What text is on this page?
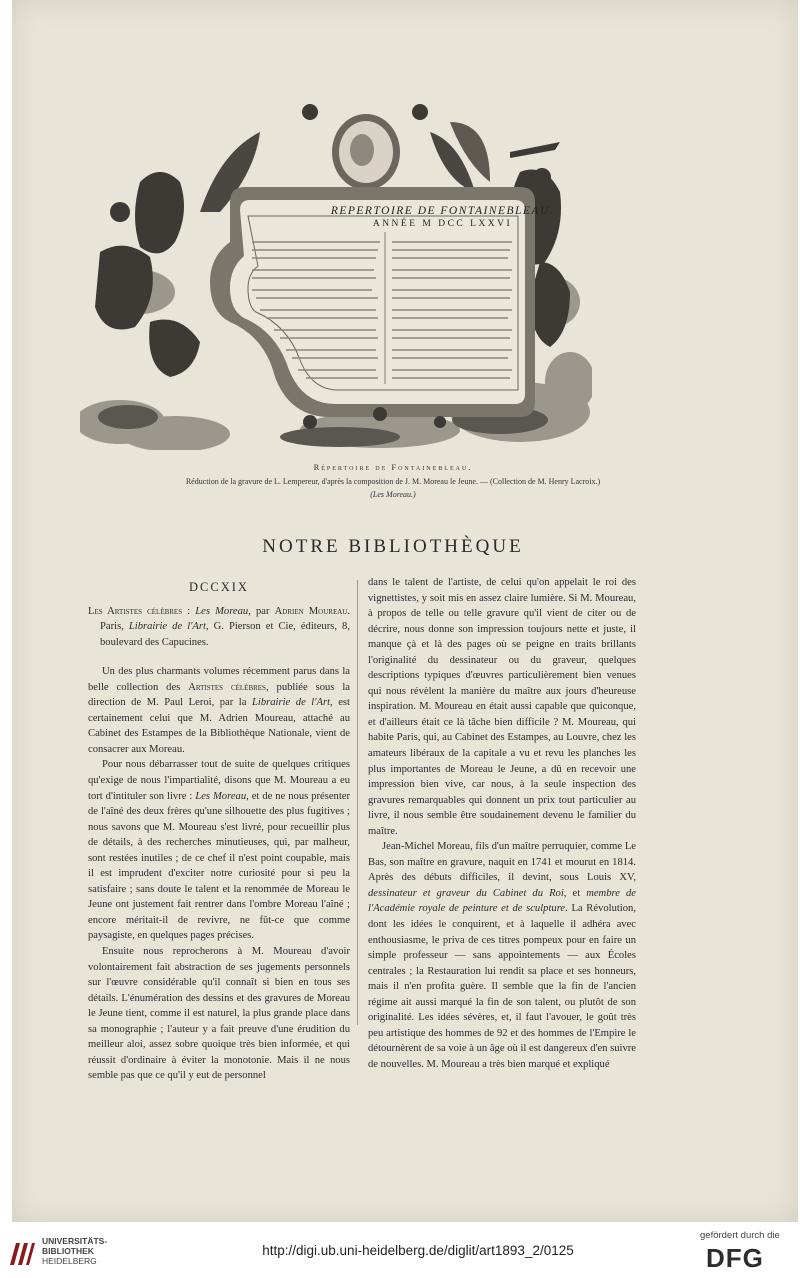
REPERTOIRE DE FONTAINEBLEAU.
ANNÉE M DCC LXXVI
Répertoire de Fontainebleau.
Réduction de la gravure de L. Lempereur, d'après la composition de J. M. Moreau le Jeune. — (Collection de M. Henry Lacroix.)
(Les Moreau.)
NOTRE BIBLIOTHÈQUE
DCCXIX

Les Artistes célèbres : Les Moreau, par Adrien Moureau. Paris, Librairie de l'Art, G. Pierson et Cie, éditeurs, 8, boulevard des Capucines.

Un des plus charmants volumes récemment parus dans la belle collection des Artistes célèbres, publiée sous la direction de M. Paul Leroi, par la Librairie de l'Art, est certainement celui que M. Adrien Moureau, attaché au Cabinet des Estampes de la Bibliothèque Nationale, vient de consacrer aux Moreau.

Pour nous débarrasser tout de suite de quelques critiques qu'exige de nous l'impartialité, disons que M. Moureau a eu tort d'intituler son livre : Les Moreau, et de ne nous présenter de l'aîné des deux frères qu'une silhouette des plus fugitives ; nous savons que M. Moureau s'est livré, pour recueillir plus de détails, à des recherches minutieuses, qui, par malheur, sont restées inutiles ; de ce chef il n'est point coupable, mais il est imprudent d'exciter notre curiosité pour si peu la satisfaire ; sans doute le talent et la renommée de Moreau le Jeune ont justement fait rentrer dans l'ombre Moreau l'aîné ; encore méritait-il de revivre, ne fût-ce que comme paysagiste, en quelques pages précises.

Ensuite nous reprocherons à M. Moureau d'avoir volontairement fait abstraction de ses jugements personnels sur l'œuvre considérable qu'il connaît si bien en tous ses détails. L'énumération des dessins et des gravures de Moreau le Jeune tient, comme il est naturel, la plus grande place dans sa monographie ; l'auteur y a fait preuve d'une érudition du meilleur aloi, assez sobre quoique très bien informée, et qui réussit d'ordinaire à éviter la monotonie. Mais il ne nous semble pas que ce qu'il y eut de personnel

dans le talent de l'artiste, de celui qu'on appelait le roi des vignettistes, y soit mis en assez claire lumière. Si M. Moureau, à propos de telle ou telle gravure qu'il vient de citer ou de décrire, nous donne son impression toujours nette et juste, il manque çà et là des pages où se peigne en traits brillants l'originalité du dessinateur ou du graveur, quelques descriptions typiques d'œuvres particulièrement bien venues qui nous révèlent la manière du maître aux jours d'heureuse inspiration. M. Moureau en était aussi capable que quiconque, et d'ailleurs était ce là tâche bien difficile ? M. Moureau, qui habite Paris, qui, au Cabinet des Estampes, au Louvre, chez les amateurs libéraux de la capitale a vu et revu les planches les plus importantes de Moreau le Jeune, a dû en recevoir une impression bien vive, car nous, à la seule inspection des gravures remarquables qui donnent un prix tout particulier au livre, il nous semble être soudainement devenu le familier du maître.

Jean-Michel Moreau, fils d'un maître perruquier, comme Le Bas, son maître en gravure, naquit en 1741 et mourut en 1814. Après des débuts difficiles, il devint, sous Louis XV, dessinateur et graveur du Cabinet du Roi, et membre de l'Académie royale de peinture et de sculpture. La Révolution, dont les idées le conquirent, et à laquelle il adhéra avec enthousiasme, le priva de ces titres pompeux pour en faire un simple professeur — sans appointements — aux Écoles centrales ; la Restauration lui rendit sa place et ses honneurs, mais il n'en profita guère. Il semble que la fin de l'ancien régime ait aussi marqué la fin de son talent, ou plutôt de son originalité. Les idées sévères, et, il faut l'avouer, le goût très peu artistique des hommes de 92 et des hommes de l'Empire le détournèrent de sa voie à un âge où il est dangereux d'en suivre de nouvelles. M. Moureau a très bien marqué et expliqué

UNIVERSITÄTS-
BIBLIOTHEK
HEIDELBERG
http://digi.ub.uni-heidelberg.de/diglit/art1893_2/0125
gefördert durch die
DFG
